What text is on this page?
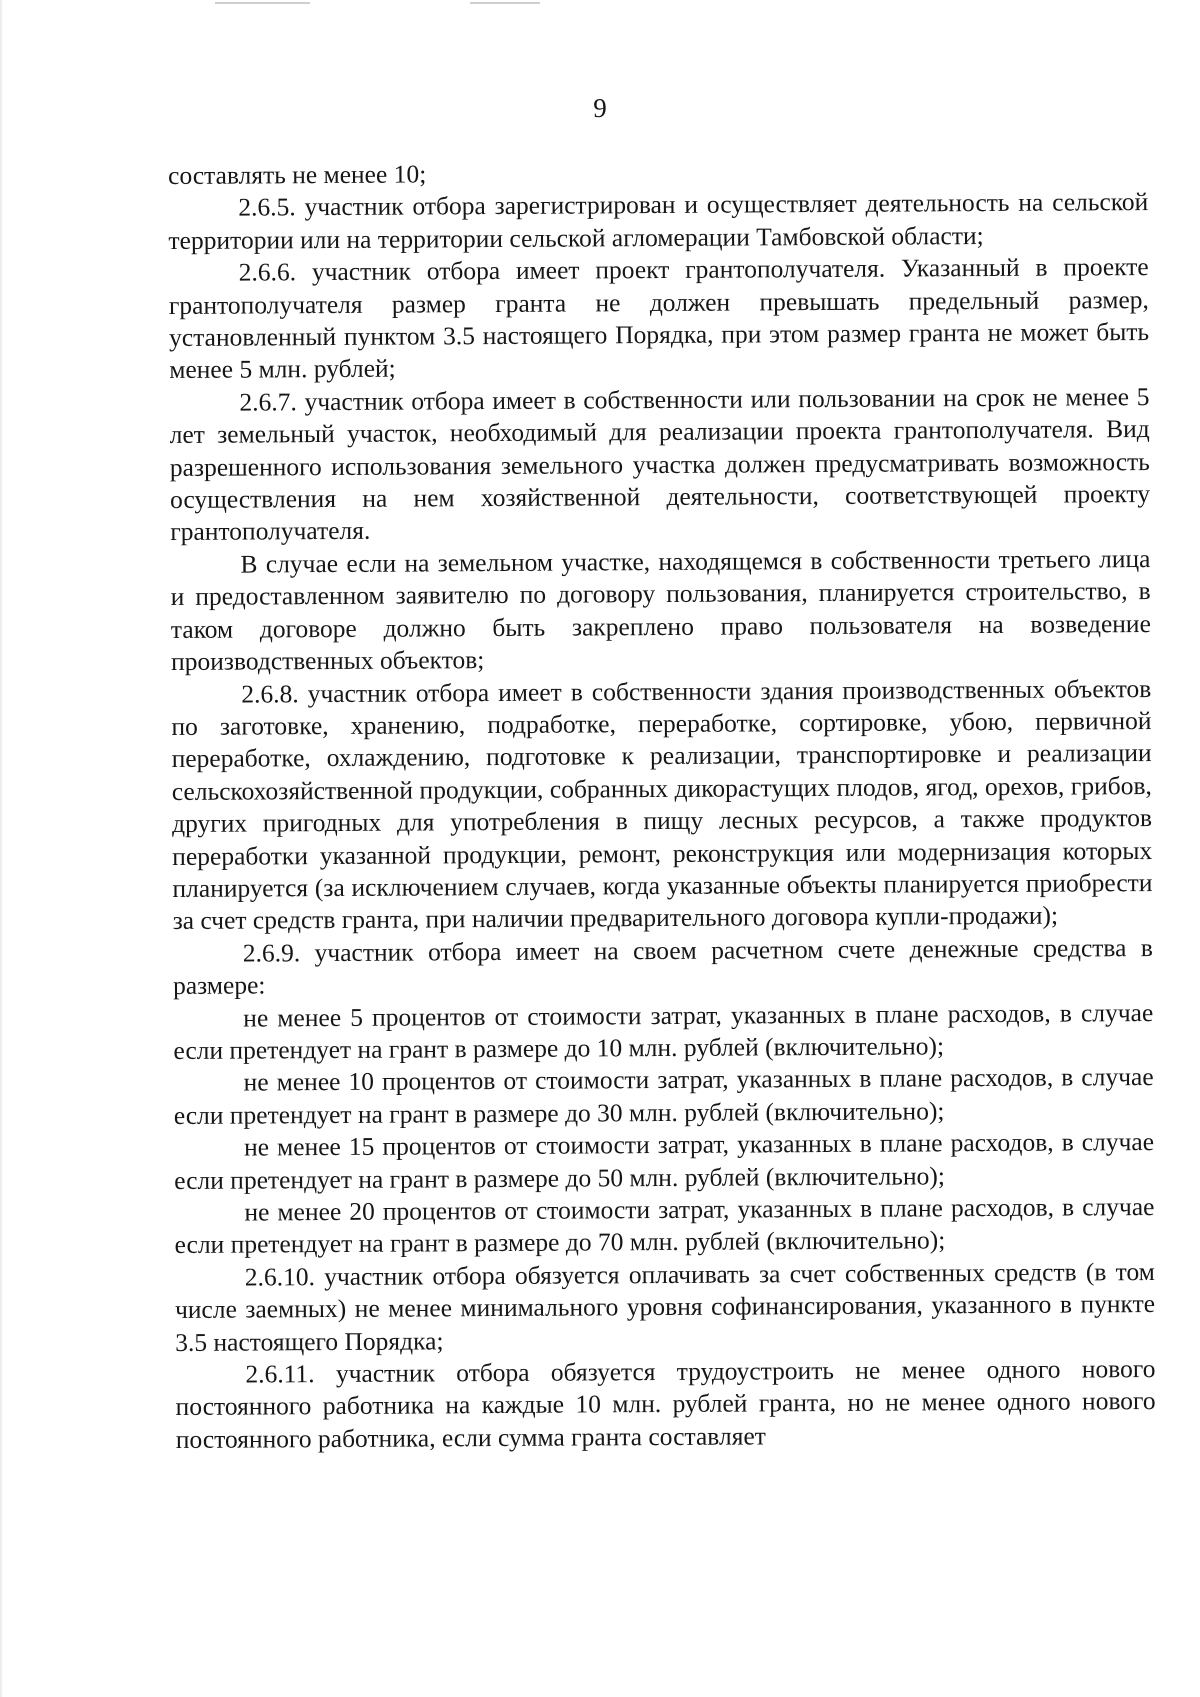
9

составлять не менее 10;

2.6.5. участник отбора зарегистрирован и осуществляет деятельность на сельской территории или на территории сельской агломерации Тамбовской области;

2.6.6. участник отбора имеет проект грантополучателя. Указанный в проекте грантополучателя размер гранта не должен превышать предельный размер, установленный пунктом 3.5 настоящего Порядка, при этом размер гранта не может быть менее 5 млн. рублей;

2.6.7. участник отбора имеет в собственности или пользовании на срок не менее 5 лет земельный участок, необходимый для реализации проекта грантополучателя. Вид разрешенного использования земельного участка должен предусматривать возможность осуществления на нем хозяйственной деятельности, соответствующей проекту грантополучателя.

В случае если на земельном участке, находящемся в собственности третьего лица и предоставленном заявителю по договору пользования, планируется строительство, в таком договоре должно быть закреплено право пользователя на возведение производственных объектов;

2.6.8. участник отбора имеет в собственности здания производственных объектов по заготовке, хранению, подработке, переработке, сортировке, убою, первичной переработке, охлаждению, подготовке к реализации, транспортировке и реализации сельскохозяйственной продукции, собранных дикорастущих плодов, ягод, орехов, грибов, других пригодных для употребления в пищу лесных ресурсов, а также продуктов переработки указанной продукции, ремонт, реконструкция или модернизация которых планируется (за исключением случаев, когда указанные объекты планируется приобрести за счет средств гранта, при наличии предварительного договора купли-продажи);

2.6.9. участник отбора имеет на своем расчетном счете денежные средства в размере:

не менее 5 процентов от стоимости затрат, указанных в плане расходов, в случае если претендует на грант в размере до 10 млн. рублей (включительно);

не менее 10 процентов от стоимости затрат, указанных в плане расходов, в случае если претендует на грант в размере до 30 млн. рублей (включительно);

не менее 15 процентов от стоимости затрат, указанных в плане расходов, в случае если претендует на грант в размере до 50 млн. рублей (включительно);

не менее 20 процентов от стоимости затрат, указанных в плане расходов, в случае если претендует на грант в размере до 70 млн. рублей (включительно);

2.6.10. участник отбора обязуется оплачивать за счет собственных средств (в том числе заемных) не менее минимального уровня софинансирования, указанного в пункте 3.5 настоящего Порядка;

2.6.11. участник отбора обязуется трудоустроить не менее одного нового постоянного работника на каждые 10 млн. рублей гранта, но не менее одного нового постоянного работника, если сумма гранта составляет
